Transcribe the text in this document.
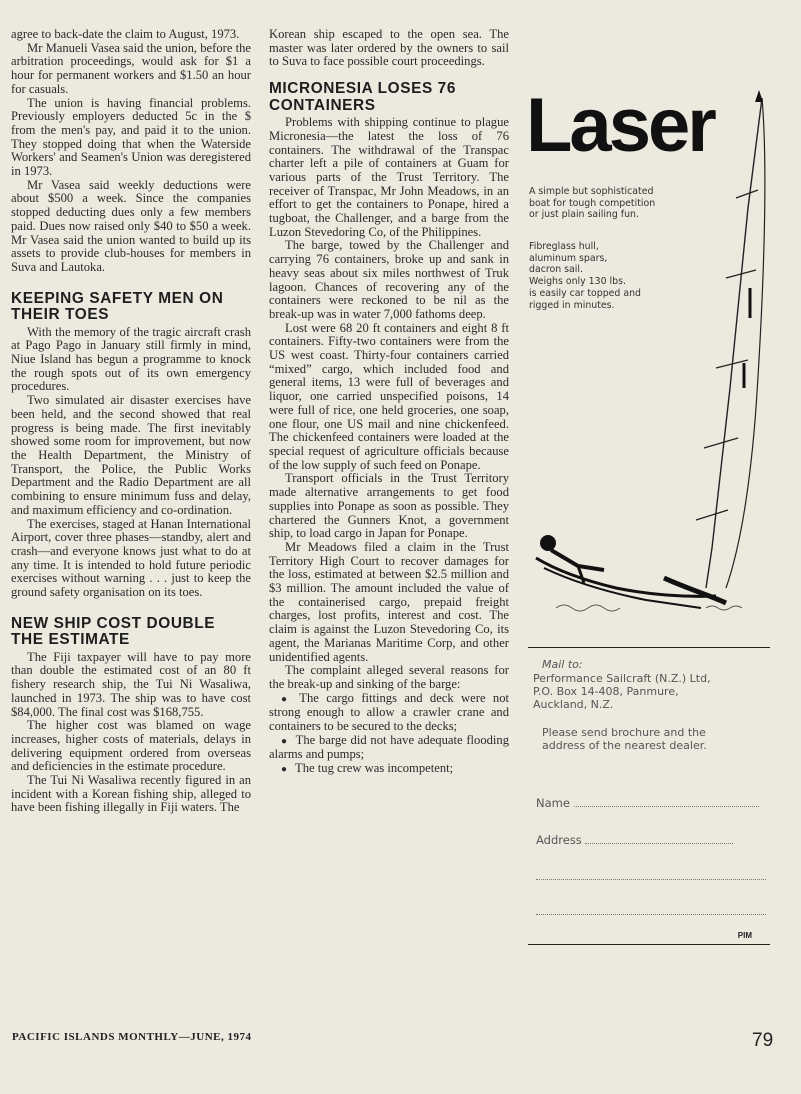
agree to back-date the claim to August, 1973.

Mr Manueli Vasea said the union, before the arbitration proceedings, would ask for $1 a hour for permanent workers and $1.50 an hour for casuals.

The union is having financial problems. Previously employers deducted 5c in the $ from the men's pay, and paid it to the union. They stopped doing that when the Waterside Workers' and Seamen's Union was deregistered in 1973.

Mr Vasea said weekly deductions were about $500 a week. Since the companies stopped deducting dues only a few members paid. Dues now raised only $40 to $50 a week. Mr Vasea said the union wanted to build up its assets to provide club-houses for members in Suva and Lautoka.

KEEPING SAFETY MEN ON THEIR TOES

With the memory of the tragic aircraft crash at Pago Pago in January still firmly in mind, Niue Island has begun a programme to knock the rough spots out of its own emergency procedures.

Two simulated air disaster exercises have been held, and the second showed that real progress is being made. The first inevitably showed some room for improvement, but now the Health Department, the Ministry of Transport, the Police, the Public Works Department and the Radio Department are all combining to ensure minimum fuss and delay, and maximum efficiency and co-ordination.

The exercises, staged at Hanan International Airport, cover three phases—standby, alert and crash—and everyone knows just what to do at any time. It is intended to hold future periodic exercises without warning . . . just to keep the ground safety organisation on its toes.

NEW SHIP COST DOUBLE THE ESTIMATE

The Fiji taxpayer will have to pay more than double the estimated cost of an 80 ft fishery research ship, the Tui Ni Wasaliwa, launched in 1973. The ship was to have cost $84,000. The final cost was $168,755.

The higher cost was blamed on wage increases, higher costs of materials, delays in delivering equipment ordered from overseas and deficiencies in the estimate procedure.

The Tui Ni Wasaliwa recently figured in an incident with a Korean fishing ship, alleged to have been fishing illegally in Fiji waters. The

Korean ship escaped to the open sea. The master was later ordered by the owners to sail to Suva to face possible court proceedings.

MICRONESIA LOSES 76 CONTAINERS

Problems with shipping continue to plague Micronesia—the latest the loss of 76 containers. The withdrawal of the Transpac charter left a pile of containers at Guam for various parts of the Trust Territory. The receiver of Transpac, Mr John Meadows, in an effort to get the containers to Ponape, hired a tugboat, the Challenger, and a barge from the Luzon Stevedoring Co, of the Philippines.

The barge, towed by the Challenger and carrying 76 containers, broke up and sank in heavy seas about six miles northwest of Truk lagoon. Chances of recovering any of the containers were reckoned to be nil as the break-up was in water 7,000 fathoms deep.

Lost were 68 20 ft containers and eight 8 ft containers. Fifty-two containers were from the US west coast. Thirty-four containers carried “mixed” cargo, which included food and general items, 13 were full of beverages and liquor, one carried unspecified poisons, 14 were full of rice, one held groceries, one soap, one flour, one US mail and nine chickenfeed. The chickenfeed containers were loaded at the special request of agriculture officials because of the low supply of such feed on Ponape.

Transport officials in the Trust Territory made alternative arrangements to get food supplies into Ponape as soon as possible. They chartered the Gunners Knot, a government ship, to load cargo in Japan for Ponape.

Mr Meadows filed a claim in the Trust Territory High Court to recover damages for the loss, estimated at between $2.5 million and $3 million. The amount included the value of the containerised cargo, prepaid freight charges, lost profits, interest and cost. The claim is against the Luzon Stevedoring Co, its agent, the Marianas Maritime Corp, and other unidentified agents.

The complaint alleged several reasons for the break-up and sinking of the barge:

● The cargo fittings and deck were not strong enough to allow a crawler crane and containers to be secured to the decks;

● The barge did not have adequate flooding alarms and pumps;

● The tug crew was incompetent;

Laser
A simple but sophisticated
boat for tough competition
or just plain sailing fun.
Fibreglass hull,
aluminum spars,
dacron sail.
Weighs only 130 lbs.
is easily car topped and
rigged in minutes.
Mail to:
Performance Sailcraft (N.Z.) Ltd,
P.O. Box 14-408, Panmure,
Auckland, N.Z.
Please send brochure and the
address of the nearest dealer.
Name
Address
PIM
PACIFIC ISLANDS MONTHLY—JUNE, 1974	79
